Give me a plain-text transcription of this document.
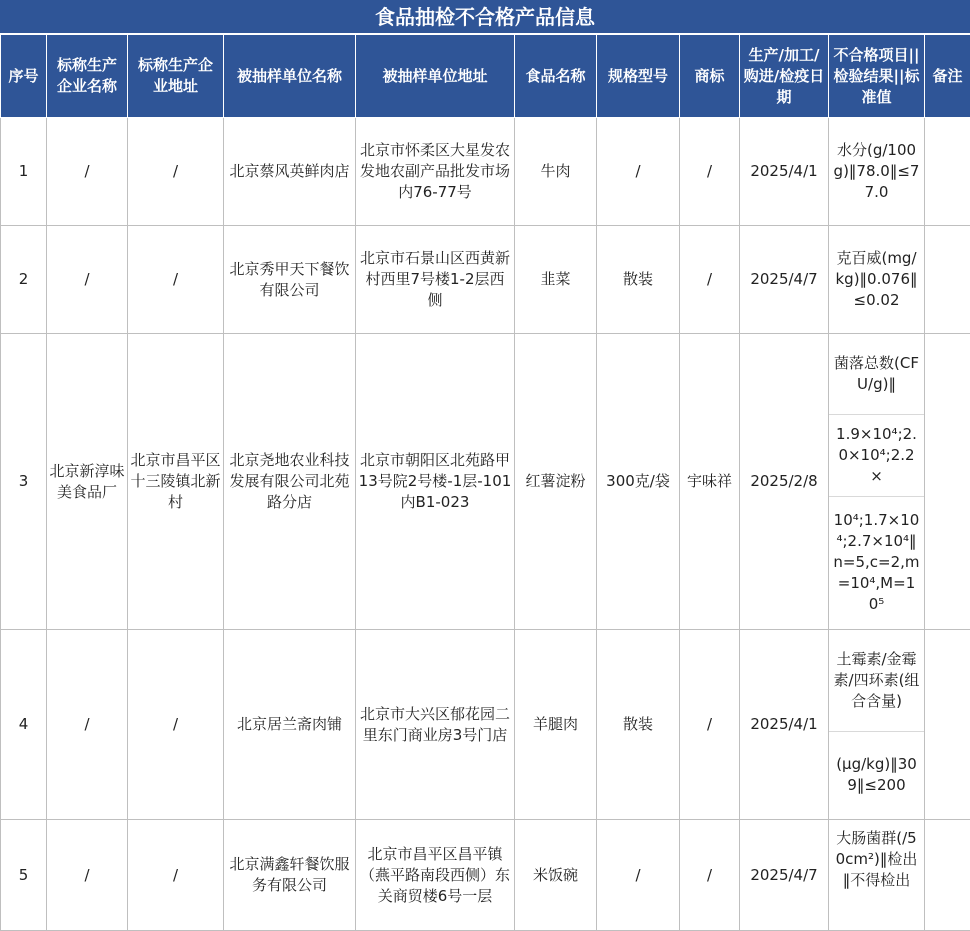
食品抽检不合格产品信息
序号	标称生产企业名称	标称生产企业地址	被抽样单位名称	被抽样单位地址	食品名称	规格型号	商标	生产/加工/购进/检疫日期	不合格项目||检验结果||标准值	备注
1	/	/	北京蔡风英鲜肉店	北京市怀柔区大星发农发地农副产品批发市场内76-77号	牛肉	/	/	2025/4/1	水分(g/100g)‖78.0‖≤77.0	

2	/	/	北京秀甲天下餐饮有限公司	北京市石景山区西黄新村西里7号楼1-2层西侧	韭菜	散装	/	2025/4/7	克百威(mg/kg)‖0.076‖≤0.02	

3	北京新淳味美食品厂	北京市昌平区十三陵镇北新村	北京尧地农业科技发展有限公司北苑路分店	北京市朝阳区北苑路甲13号院2号楼-1层-101内B1-023	红薯淀粉	300克/袋	宇味祥	2025/2/8	菌落总数(CFU/g)‖
1.9×10⁴;2.0×10⁴;2.2×
10⁴;1.7×10⁴;2.7×10⁴‖n=5,c=2,m=10⁴,M=10⁵	

4	/	/	北京居兰斋肉铺	北京市大兴区郁花园二里东门商业房3号门店	羊腿肉	散装	/	2025/4/1	土霉素/金霉素/四环素(组合含量)
(μg/kg)‖309‖≤200	

5	/	/	北京满鑫轩餐饮服务有限公司	北京市昌平区昌平镇（燕平路南段西侧）东关商贸楼6号一层	米饭碗	/	/	2025/4/7	大肠菌群(/50cm²)‖检出‖不得检出	
